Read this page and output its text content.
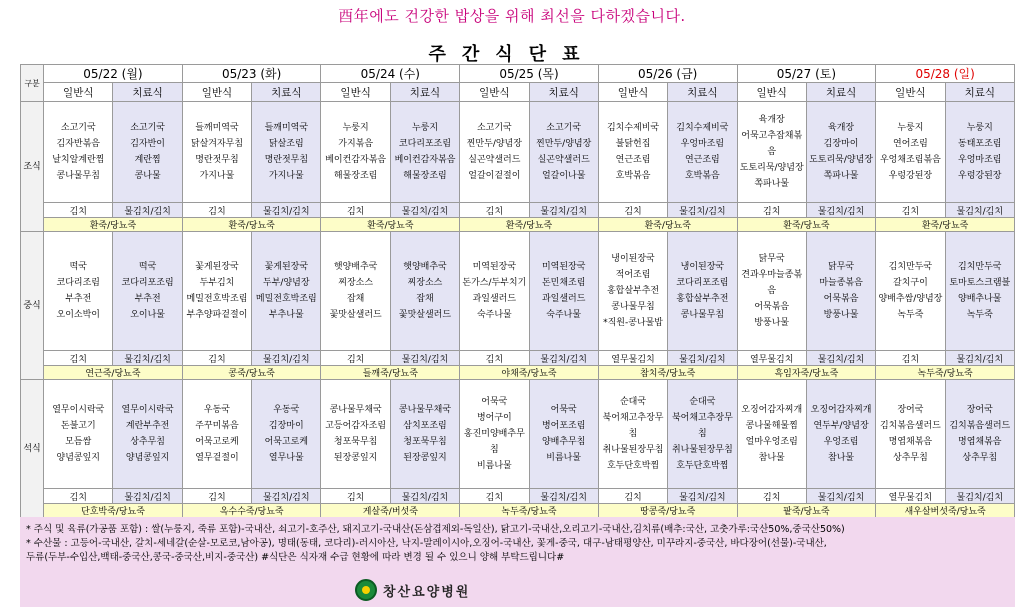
酉年에도 건강한 밥상을 위해 최선을 다하겠습니다.
주간식단표
구분	05/22 (월)		05/23 (화)		05/24 (수)		05/25 (목)		05/26 (금)		05/27 (토)		05/28 (일)	
	일반식	치료식	일반식	치료식	일반식	치료식	일반식	치료식	일반식	치료식	일반식	치료식	일반식	치료식

조식	소고기국
김자반볶음
날치알계란찜
콩나물무침	소고기국
김자반이
계란찜
콩나물	들깨미역국
닭살겨자무침
명란젓무침
가지나물	들깨미역국
닭살조림
명란젓무침
가지나물	누룽지
가지볶음
베이컨감자볶음
해물장조림	누룽지
코다리포조림
베이컨감자볶음
해물장조림	소고기국
찐만두/양념장
실곤약샐러드
얼갈이겉절이	소고기국
찐만두/양념장
실곤약샐러드
얼갈이나물	김치수제비국
불닭헌집
연근조림
호박볶음	김치수제비국
우엉마조림
연근조림
호박볶음	육개장
어묵고추잡채볶음
도토리묵/양념장
쪽파나물	육개장
김장마이
도토리묵/양념장
쪽파나물	누룽지
연어조림
우엉채조림볶음
우렁강된장	누룽지
동태포조림
우엉마조림
우렁강된장
	김치	물김치/김치	김치	물김치/김치	김치	물김치/김치	김치	물김치/김치	김치	물김치/김치	김치	물김치/김치	김치	물김치/김치
	환죽/당뇨죽		환죽/당뇨죽		환죽/당뇨죽		환죽/당뇨죽		환죽/당뇨죽		환죽/당뇨죽		환죽/당뇨죽	

중식	떡국
코다리조림
부추전
오이소박이	떡국
코다리포조림
부추전
오이나물	꽃게된장국
두부김치
메밀전호박조림
부추양파겉절이	꽃게된장국
두부/양념장
메밀전호박조림
부추나물	햇양배추국
찌장소스
잡채
꽃맛살샐러드	햇양배추국
찌장소스
잡채
꽃맛살샐러드	미역된장국
돈가스/두부치기
과일샐러드
숙주나물	미역된장국
돈민채조림
과일샐러드
숙주나물	냉이된장국
적어조림
홍합살부추전
콩나물무침
*직원-콩나물밥	냉이된장국
코다리포조림
홍합살부추전
콩나물무침	닭무국
견과우마늘종볶음
어묵볶음
방풍나물	닭무국
마늘종볶음
어묵볶음
방풍나물	김치만두국
갈치구이
양배추쌈/양념장
녹두죽	김치만두국
토마토스크램블
양배추나물
녹두죽
	김치	물김치/김치	김치	물김치/김치	김치	물김치/김치	김치	물김치/김치	열무물김치	물김치/김치	열무물김치	물김치/김치	김치	물김치/김치
	연근죽/당뇨죽		콩죽/당뇨죽		들깨죽/당뇨죽		야채죽/당뇨죽		참치죽/당뇨죽		흑임자죽/당뇨죽		녹두죽/당뇨죽	

석식	열무이시락국
돈불고기
모듬쌈
양념콩잎지	열무이시락국
계란부추전
상추무침
양념콩잎지	우동국
주꾸미볶음
어묵고로케
열무겉절이	우동국
김장마이
어묵고로케
열무나물	콩나물무채국
고등어감자조림
청포묵무침
된장콩잎지	콩나물무채국
삼치포조림
청포묵무침
된장콩잎지	어묵국
병어구이
홍진미양배추무침
비름나물	어묵국
병어포조림
양배추무침
비름나물	순대국
북어채고추장무침
취나물된장무침
호두단호박찜	순대국
북어채고추장무침
취나물된장무침
호두단호박찜	오징어감자찌개
콩나물해물찜
얼마우엉조림
참나물	오징어감자찌개
연두부/양념장
우엉조림
참나물	장어국
김치볶음샐러드
명엽채볶음
상추무침	장어국
김치볶음샐러드
명엽채볶음
상추무침
	김치	물김치/김치	김치	물김치/김치	김치	물김치/김치	김치	물김치/김치	김치	물김치/김치	김치	물김치/김치	열무물김치	물김치/김치
	단호박죽/당뇨죽		옥수수죽/당뇨죽		게살죽/버섯죽		녹두죽/당뇨죽		땅콩죽/당뇨죽		팥죽/당뇨죽		새우살버섯죽/당뇨죽	
* 주식 및 육류(가공품 포함) : 쌀(누룽지, 죽류 포함)-국내산, 쇠고기-호주산, 돼지고기-국내산(돈삼겹제외-독일산), 닭고기-국내산,오리고기-국내산,김치류(배추:국산, 고춧가루:국산50%,중국산50%)
* 수산물 : 고등어-국내산, 갈치-세네갈(순살-모로코,남아공), 명태(동태, 코다리)-러시아산, 낙지-말레이시아,오징어-국내산, 꽃게-중국, 대구-남태평양산, 미꾸라지-중국산, 바다장어(선물)-국내산,
두류(두부-수입산,백태-중국산,콩국-중국산,비지-중국산) #식단은 식자재 수급 현황에 따라 변경 될 수 있으니 양해 부탁드립니다#
창산요양병원
